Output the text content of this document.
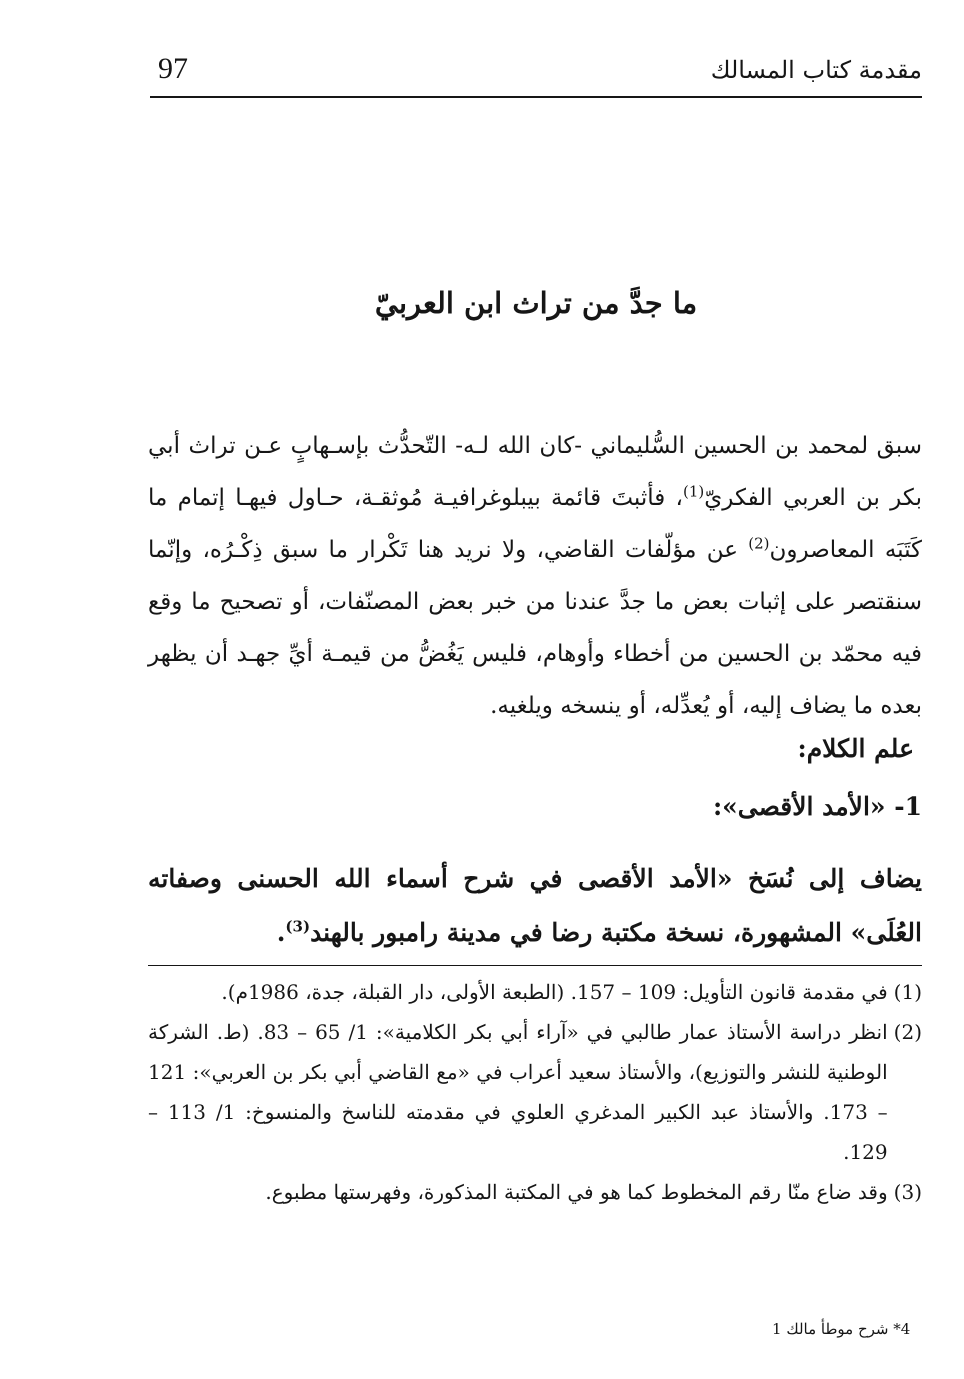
مقدمة كتاب المسالك
97
ما جدَّ من تراث ابن العربيّ

سبق لمحمد بن الحسين السُّليماني -كان الله لـه- التّحدُّث بإسـهابٍ عـن تراث أبي بكر بن العربي الفكريّ$^{(1)}$، فأثبتَ قائمة بيبلوغرافيـة مُوثقـة، حـاول فيهـا إتمام ما كَتَبَه المعاصرون$^{(2)}$ عن مؤلّفات القاضي، ولا نريد هنا تَكْرار ما سبق ذِكْـرُه، وإنّما سنقتصر على إثبات بعض ما جدَّ عندنا من خبر بعض المصنّفات، أو تصحيح ما وقع فيه محمّد بن الحسين من أخطاء وأوهام، فليس يَغُضُّ من قيمـة أيِّ جهـد أن يظهر بعده ما يضاف إليه، أو يُعدِّله، أو ينسخه ويلغيه.

علم الكلام:
1- «الأمد الأقصى»:
يضاف إلى نُسَخ «الأمد الأقصى في شرح أسماء الله الحسنى وصفاته العُلَى» المشهورة، نسخة مكتبة رضا في مدينة رامبور بالهند$^{(3)}$.
(1)
في مقدمة قانون التأويل: 109 – 157. (الطبعة الأولى، دار القبلة، جدة، 1986م).
(2)
انظر دراسة الأستاذ عمار طالبي في «آراء أبي بكر الكلامية»: 1/ 65 – 83. (ط. الشركة الوطنية للنشر والتوزيع)، والأستاذ سعيد أعراب في «مع القاضي أبي بكر بن العربي»: 121 – 173. والأستاذ عبد الكبير المدغري العلوي في مقدمته للناسخ والمنسوخ: 1/ 113 – 129.
(3)
وقد ضاع منّا رقم المخطوط كما هو في المكتبة المذكورة، وفهرستها مطبوع.
4* شرح موطأ مالك 1
